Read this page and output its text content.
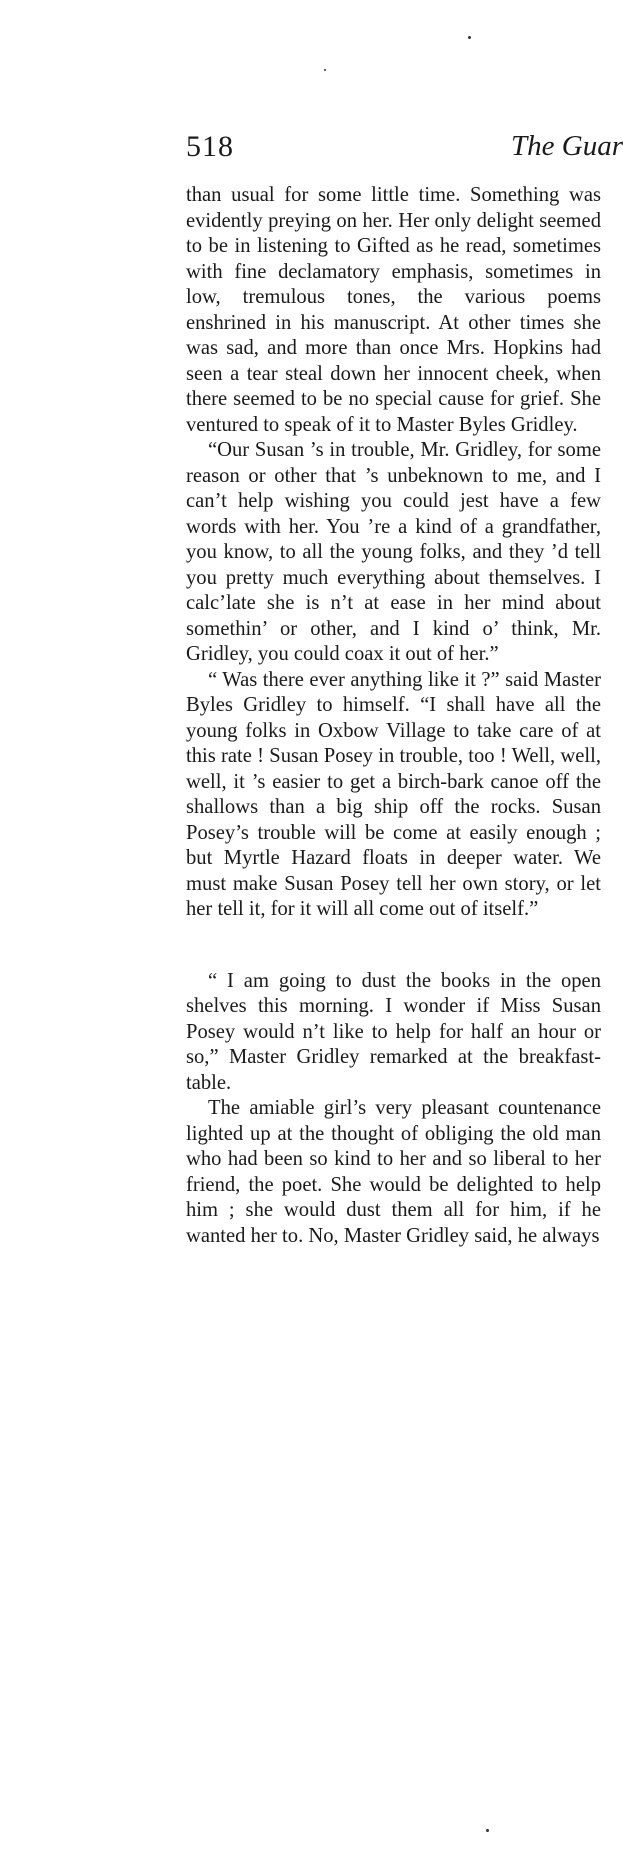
518	The Guar

than usual for some little time. Something was evidently preying on her. Her only delight seemed to be in listening to Gifted as he read, sometimes with fine declamatory emphasis, sometimes in low, tremulous tones, the various poems enshrined in his manuscript. At other times she was sad, and more than once Mrs. Hopkins had seen a tear steal down her innocent cheek, when there seemed to be no special cause for grief. She ventured to speak of it to Master Byles Gridley.

“Our Susan ’s in trouble, Mr. Gridley, for some reason or other that ’s unbeknown to me, and I can’t help wishing you could jest have a few words with her. You ’re a kind of a grandfather, you know, to all the young folks, and they ’d tell you pretty much everything about themselves. I calc’late she is n’t at ease in her mind about somethin’ or other, and I kind o’ think, Mr. Gridley, you could coax it out of her.”

“ Was there ever anything like it ?” said Master Byles Gridley to himself. “I shall have all the young folks in Oxbow Village to take care of at this rate ! Susan Posey in trouble, too ! Well, well, well, it ’s easier to get a birch-bark canoe off the shallows than a big ship off the rocks. Susan Posey’s trouble will be come at easily enough ; but Myrtle Hazard floats in deeper water. We must make Susan Posey tell her own story, or let her tell it, for it will all come out of itself.”

“ I am going to dust the books in the open shelves this morning. I wonder if Miss Susan Posey would n’t like to help for half an hour or so,” Master Gridley remarked at the breakfast-table.

The amiable girl’s very pleasant countenance lighted up at the thought of obliging the old man who had been so kind to her and so liberal to her friend, the poet. She would be delighted to help him ; she would dust them all for him, if he wanted her to. No, Master Gridley said, he always
